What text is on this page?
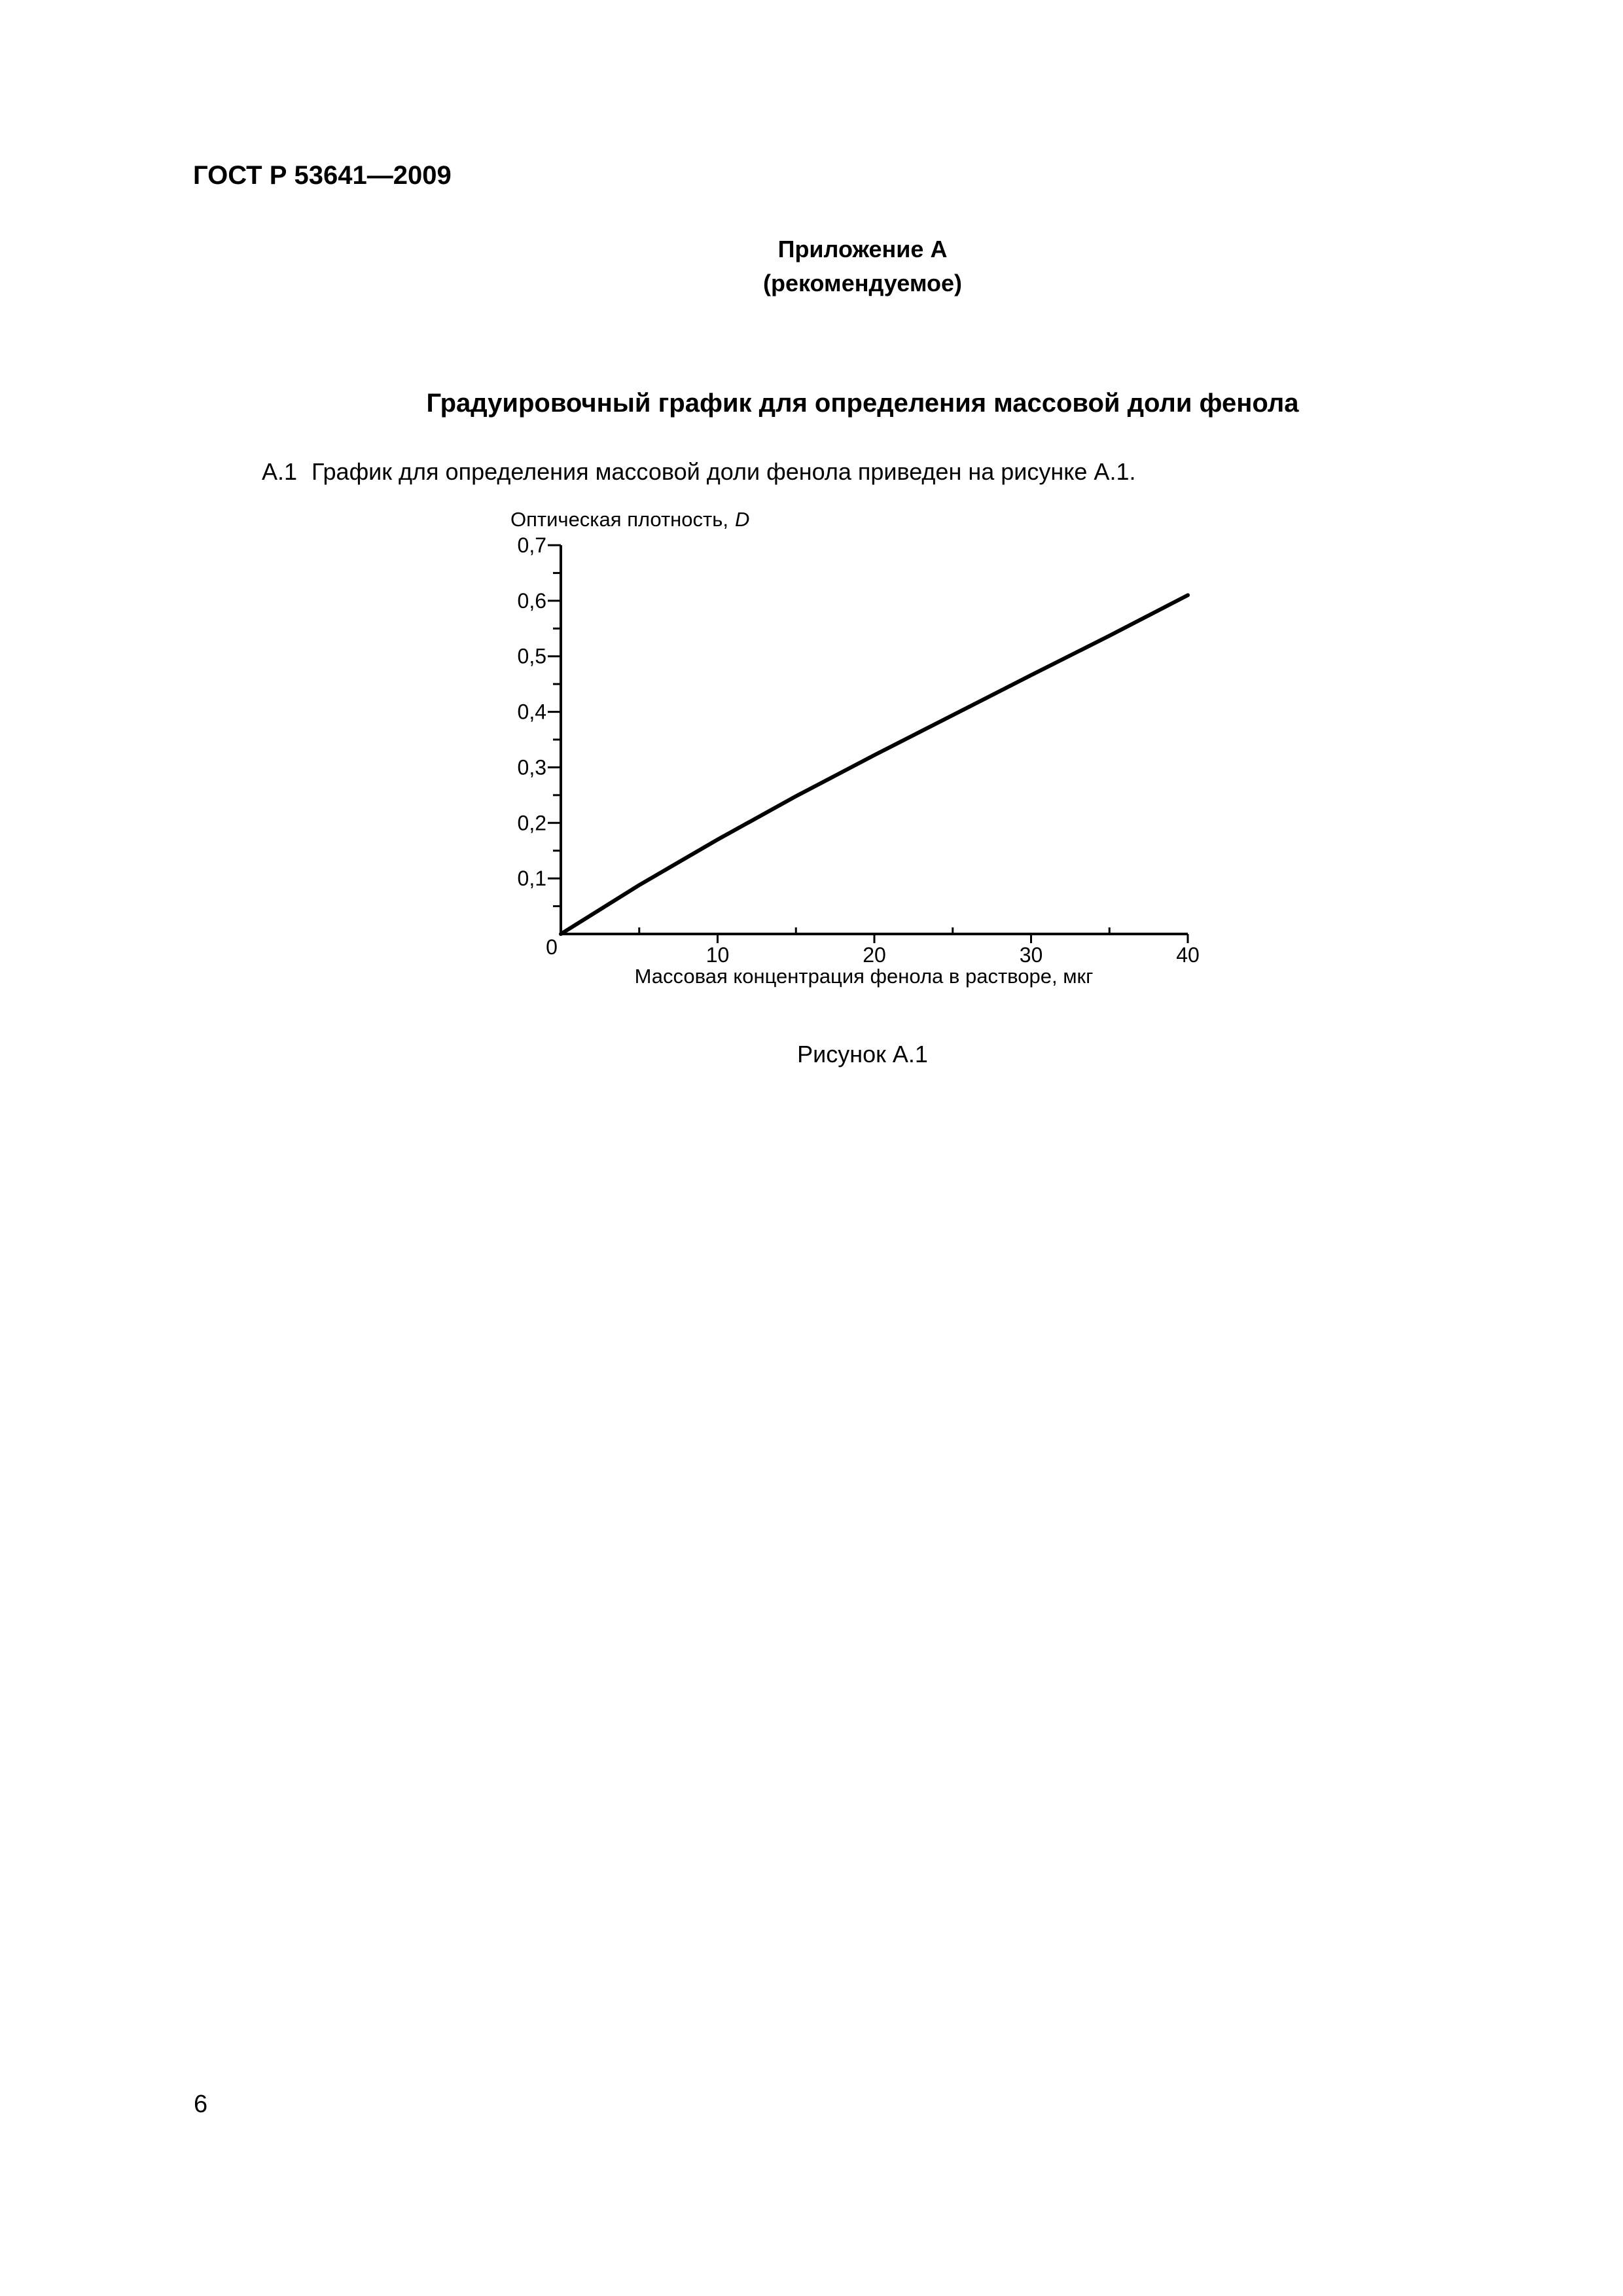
ГОСТ Р 53641—2009
Приложение А
(рекомендуемое)
Градуировочный график для определения массовой доли фенола
А.1 График для определения массовой доли фенола приведен на рисунке А.1.
Оптическая плотность, D
0,1
0,2
0,3
0,4
0,5
0,6
0,7
0	10	20	30	40
Массовая концентрация фенола в растворе, мкг
Рисунок А.1
6
